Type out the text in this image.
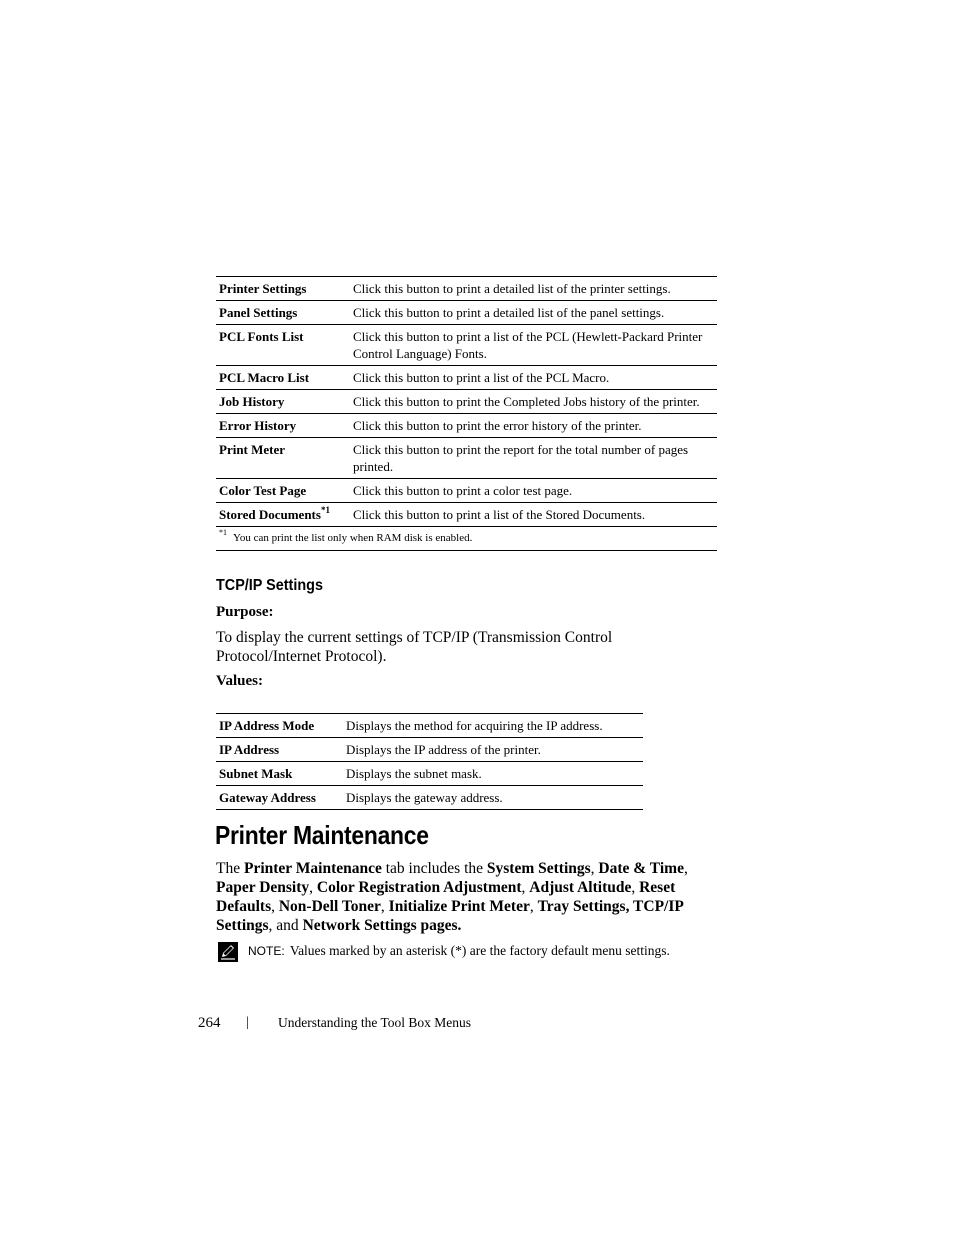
Printer Settings	Click this button to print a detailed list of the printer settings.
Panel Settings	Click this button to print a detailed list of the panel settings.
PCL Fonts List	Click this button to print a list of the PCL (Hewlett-Packard Printer Control Language) Fonts.
PCL Macro List	Click this button to print a list of the PCL Macro.
Job History	Click this button to print the Completed Jobs history of the printer.
Error History	Click this button to print the error history of the printer.
Print Meter	Click this button to print the report for the total number of pages printed.
Color Test Page	Click this button to print a color test page.
Stored Documents$^{*1}$	Click this button to print a list of the Stored Documents.
$^{*1}$ You can print the list only when RAM disk is enabled.	
TCP/IP Settings
Purpose:
To display the current settings of TCP/IP (Transmission Control Protocol/Internet Protocol).
Values:
IP Address Mode	Displays the method for acquiring the IP address.
IP Address	Displays the IP address of the printer.
Subnet Mask	Displays the subnet mask.
Gateway Address	Displays the gateway address.
Printer Maintenance
The Printer Maintenance tab includes the System Settings, Date & Time, Paper Density, Color Registration Adjustment, Adjust Altitude, Reset Defaults, Non-Dell Toner, Initialize Print Meter, Tray Settings, TCP/IP Settings, and Network Settings pages.
NOTE: Values marked by an asterisk (*) are the factory default menu settings.
264 | Understanding the Tool Box Menus
